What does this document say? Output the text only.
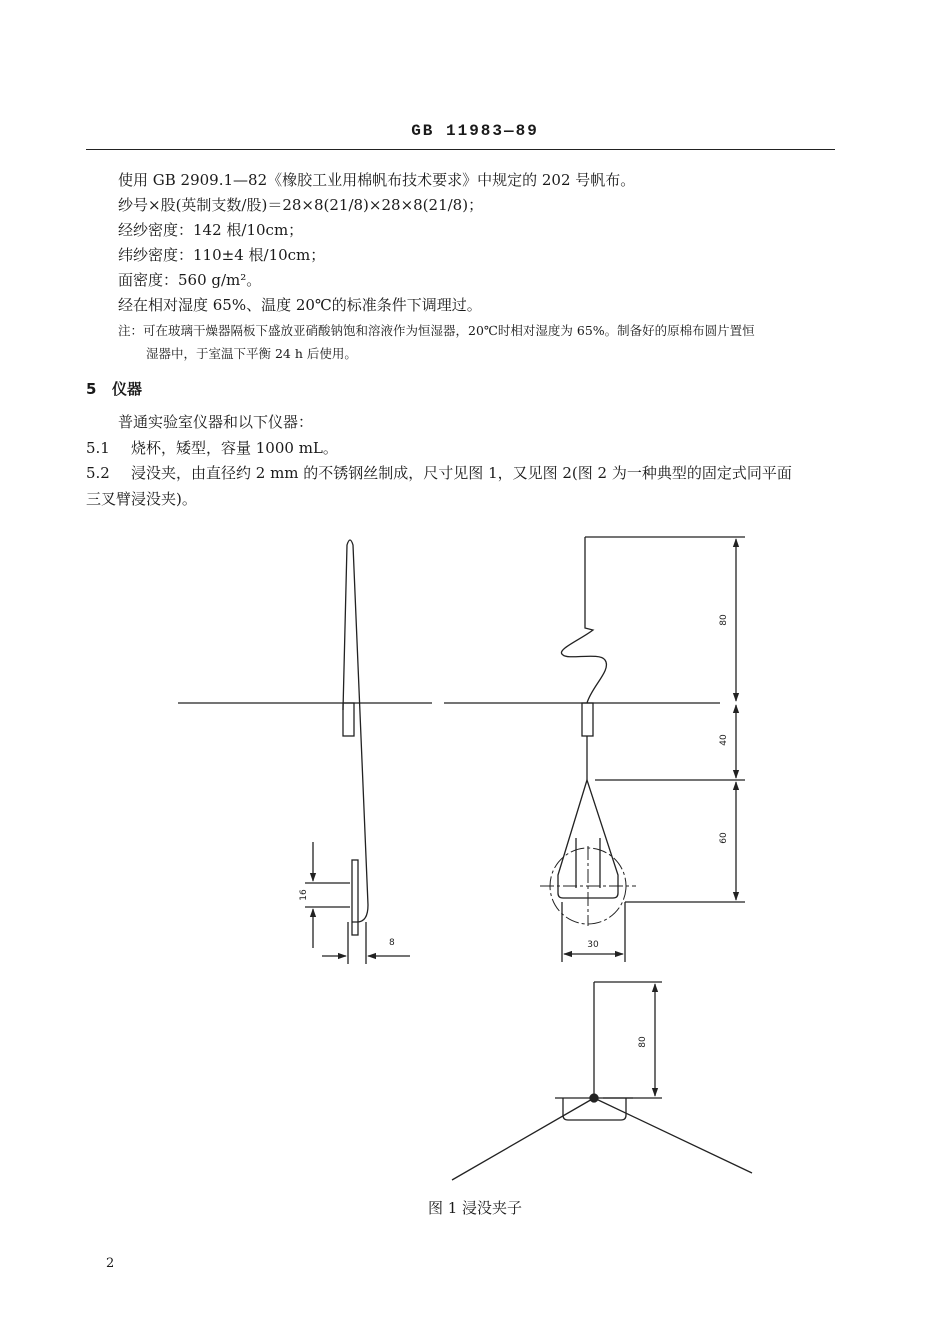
GB 11983—89
使用 GB 2909.1—82《橡胶工业用棉帆布技术要求》中规定的 202 号帆布。
纱号×股(英制支数/股)＝28×8(21/8)×28×8(21/8)；
经纱密度：142 根/10cm；
纬纱密度：110±4 根/10cm；
面密度：560 g/m²。
经在相对湿度 65%、温度 20℃的标准条件下调理过。
注：可在玻璃干燥器隔板下盛放亚硝酸钠饱和溶液作为恒湿器，20℃时相对湿度为 65%。制备好的原棉布圆片置恒
湿器中，于室温下平衡 24 h 后使用。
5 仪器
普通实验室仪器和以下仪器：
5.1 烧杯，矮型，容量 1000 mL。
5.2 浸没夹，由直径约 2 mm 的不锈钢丝制成，尺寸见图 1，又见图 2(图 2 为一种典型的固定式同平面
三叉臂浸没夹)。
16
8
80
40
60
30
80
图 1 浸没夹子
2
